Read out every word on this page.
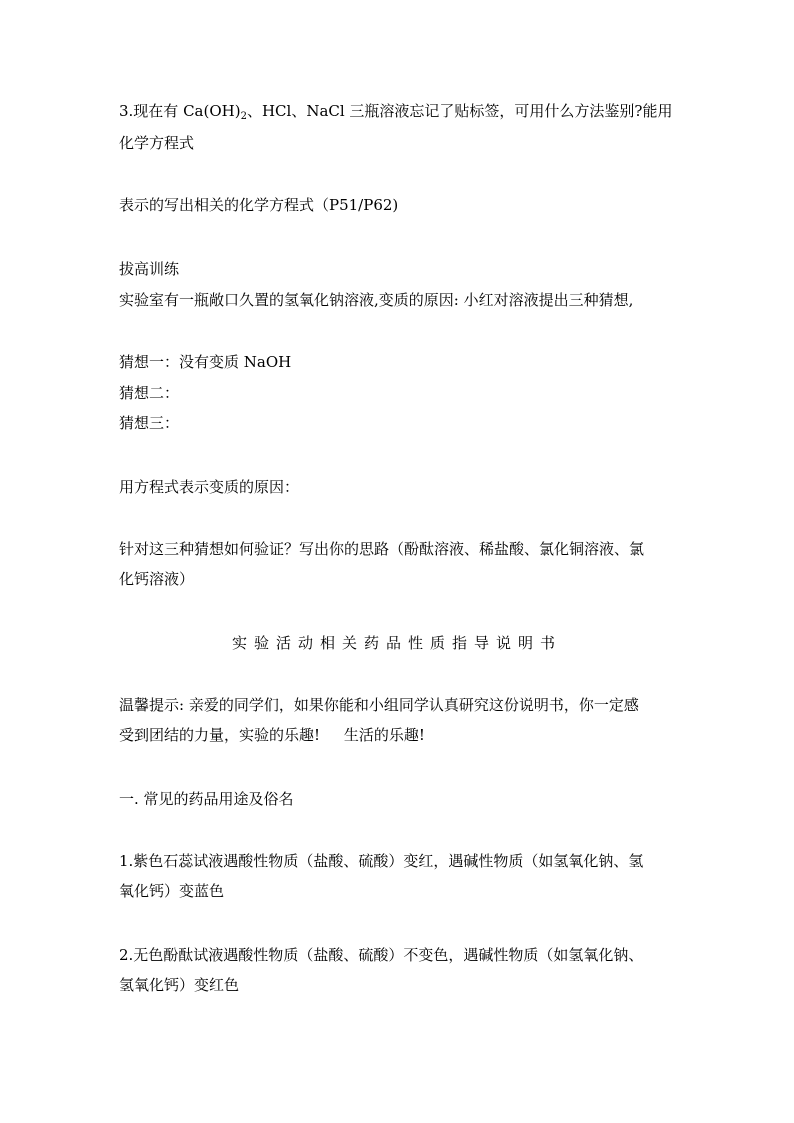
3.现在有 $Ca(OH)_2$、HCl、NaCl 三瓶溶液忘记了贴标签，可用什么方法鉴别?能用
化学方程式
表示的写出相关的化学方程式（P51/P62)
拔高训练
实验室有一瓶敞口久置的氢氧化钠溶液,变质的原因: 小红对溶液提出三种猜想,
猜想一：没有变质 NaOH
猜想二：
猜想三：
用方程式表示变质的原因：
针对这三种猜想如何验证？写出你的思路（酚酞溶液、稀盐酸、氯化铜溶液、氯
化钙溶液）
实验活动相关药品性质指导说明书
温馨提示: 亲爱的同学们，如果你能和小组同学认真研究这份说明书，你一定感
受到团结的力量，实验的乐趣!     生活的乐趣!
一. 常见的药品用途及俗名
1.紫色石蕊试液遇酸性物质（盐酸、硫酸）变红，遇碱性物质（如氢氧化钠、氢
氧化钙）变蓝色
2.无色酚酞试液遇酸性物质（盐酸、硫酸）不变色，遇碱性物质（如氢氧化钠、
氢氧化钙）变红色
